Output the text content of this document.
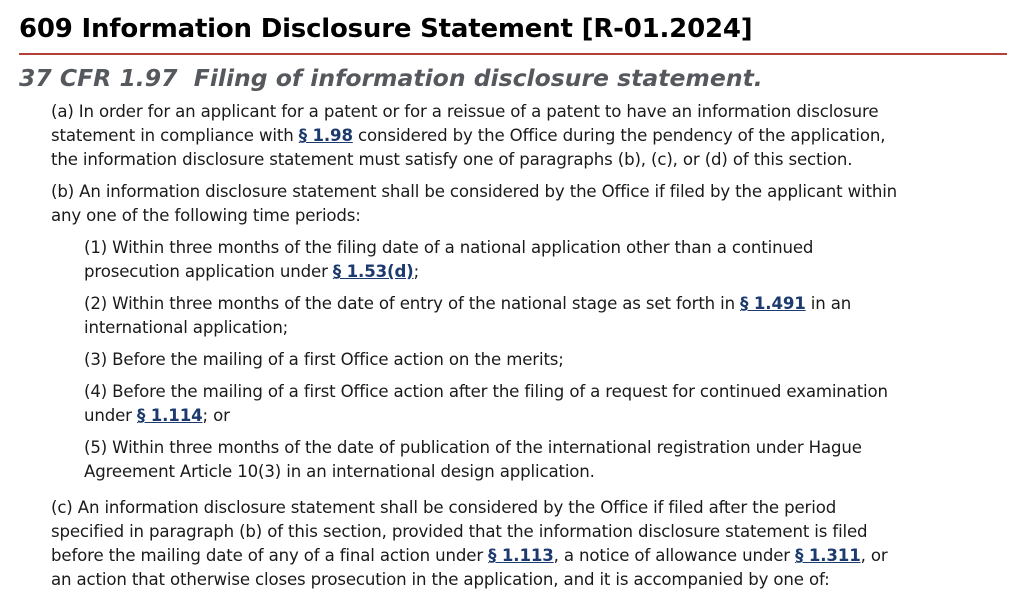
609 Information Disclosure Statement [R-01.2024]
37 CFR 1.97  Filing of information disclosure statement.
(a) In order for an applicant for a patent or for a reissue of a patent to have an information disclosure
statement in compliance with § 1.98 considered by the Office during the pendency of the application,
the information disclosure statement must satisfy one of paragraphs (b), (c), or (d) of this section.
(b) An information disclosure statement shall be considered by the Office if filed by the applicant within
any one of the following time periods:
(1) Within three months of the filing date of a national application other than a continued
prosecution application under § 1.53(d);
(2) Within three months of the date of entry of the national stage as set forth in § 1.491 in an
international application;
(3) Before the mailing of a first Office action on the merits;
(4) Before the mailing of a first Office action after the filing of a request for continued examination
under § 1.114; or
(5) Within three months of the date of publication of the international registration under Hague
Agreement Article 10(3) in an international design application.
(c) An information disclosure statement shall be considered by the Office if filed after the period
specified in paragraph (b) of this section, provided that the information disclosure statement is filed
before the mailing date of any of a final action under § 1.113, a notice of allowance under § 1.311, or
an action that otherwise closes prosecution in the application, and it is accompanied by one of:
